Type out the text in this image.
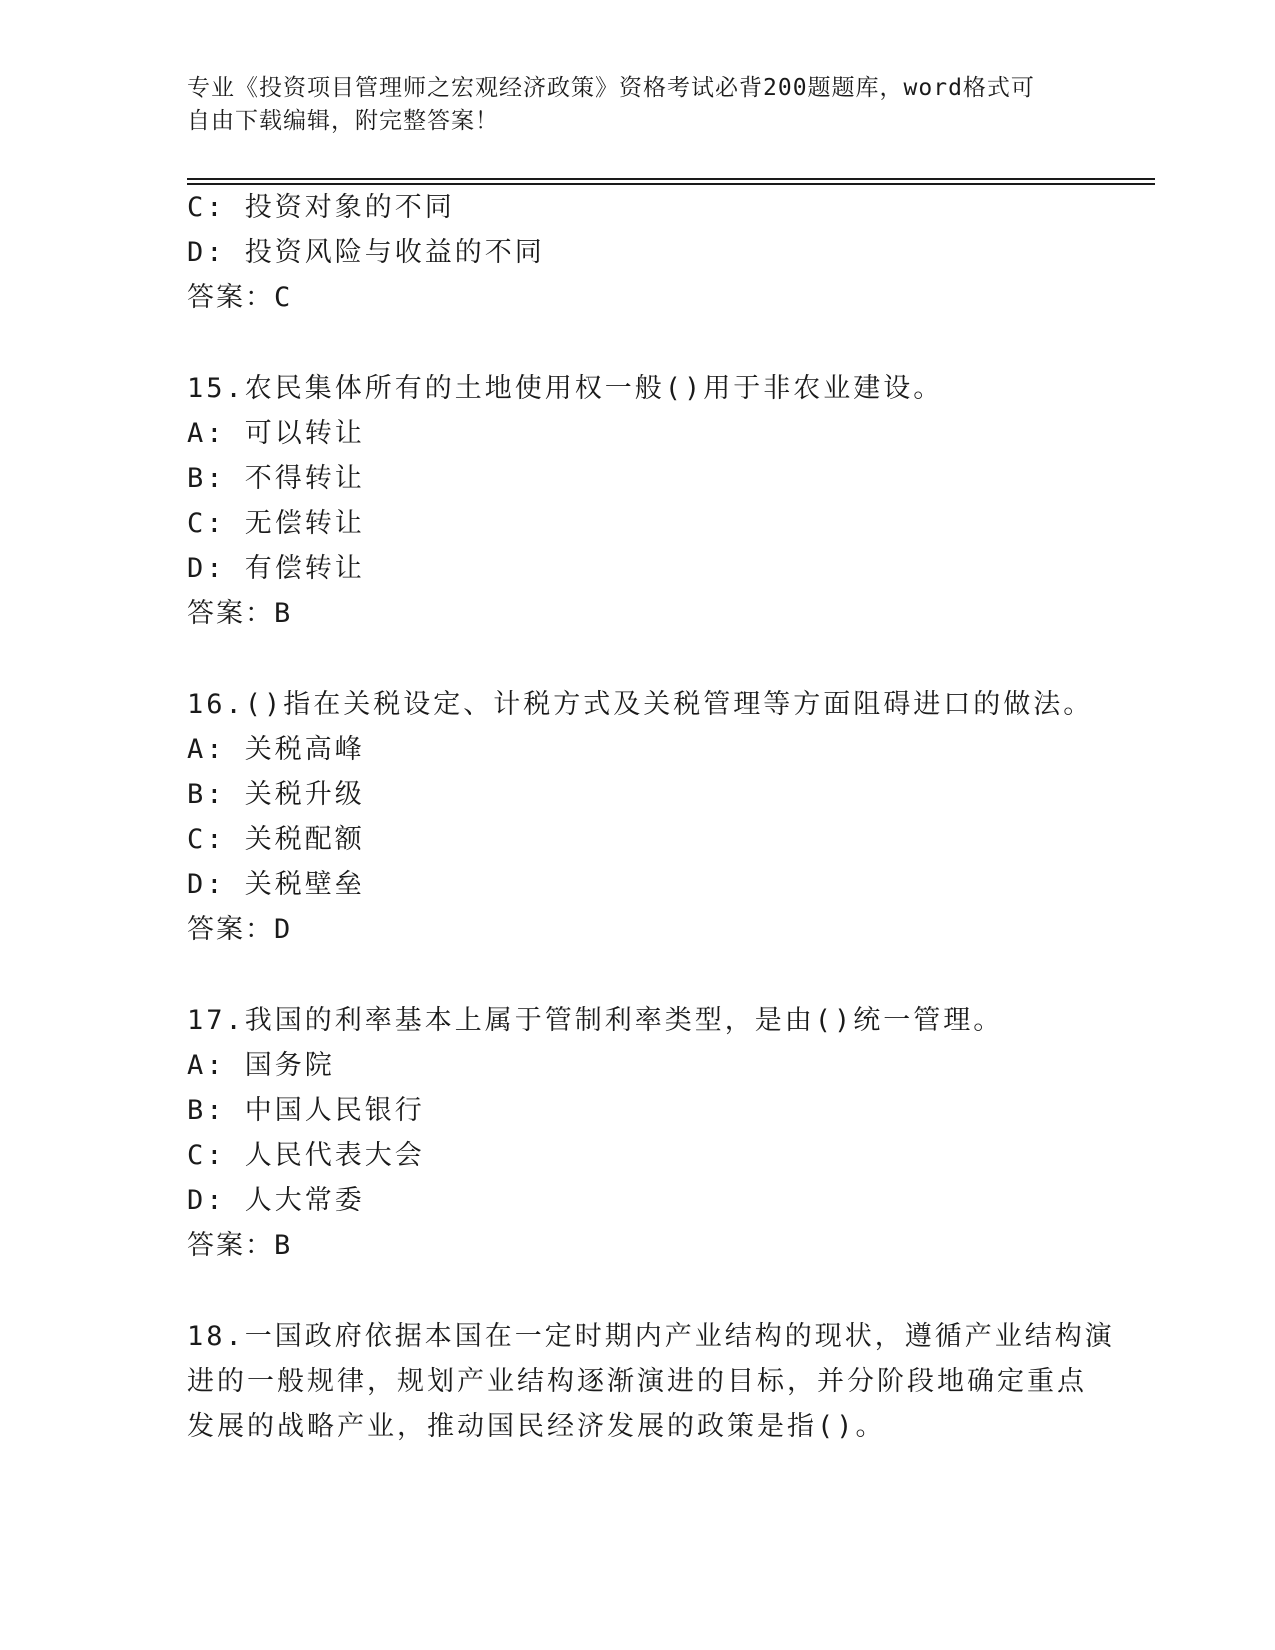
专业《投资项目管理师之宏观经济政策》资格考试必背200题题库，word格式可
自由下载编辑，附完整答案！

C: 投资对象的不同

D: 投资风险与收益的不同

答案：C

15.农民集体所有的土地使用权一般()用于非农业建设。

A: 可以转让

B: 不得转让

C: 无偿转让

D: 有偿转让

答案：B

16.()指在关税设定、计税方式及关税管理等方面阻碍进口的做法。

A: 关税高峰

B: 关税升级

C: 关税配额

D: 关税壁垒

答案：D

17.我国的利率基本上属于管制利率类型，是由()统一管理。

A: 国务院

B: 中国人民银行

C: 人民代表大会

D: 人大常委

答案：B

18.一国政府依据本国在一定时期内产业结构的现状，遵循产业结构演

进的一般规律，规划产业结构逐渐演进的目标，并分阶段地确定重点

发展的战略产业，推动国民经济发展的政策是指()。
